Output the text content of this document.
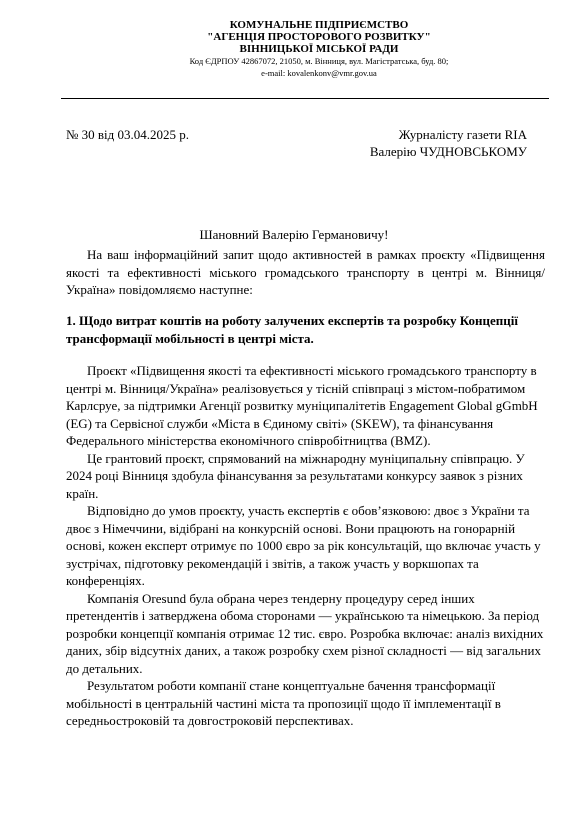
КОМУНАЛЬНЕ ПІДПРИЄМСТВО
"АГЕНЦІЯ ПРОСТОРОВОГО РОЗВИТКУ"
ВІННИЦЬКОЇ МІСЬКОЇ РАДИ
Код ЄДРПОУ 42867072, 21050, м. Вінниця, вул. Магістратська, буд. 80;
e-mail: kovalenkonv@vmr.gov.ua
№ 30 від 03.04.2025 р.	Журналісту газети RIA
Валерію ЧУДНОВСЬКОМУ
Шановний Валерію Германовичу!
На ваш інформаційний запит щодо активностей в рамках проєкту «Підвищення якості та ефективності міського громадського транспорту в центрі м. Вінниця/Україна» повідомляємо наступне:
1. Щодо витрат коштів на роботу залучених експертів та розробку Концепції трансформації мобільності в центрі міста.

Проєкт «Підвищення якості та ефективності міського громадського транспорту в центрі м. Вінниця/Україна» реалізовується у тісній співпраці з містом-побратимом Карлсруе, за підтримки Агенції розвитку муніципалітетів Engagement Global gGmbH (EG) та Сервісної служби «Міста в Єдиному світі» (SKEW), та фінансування Федерального міністерства економічного співробітництва (BMZ).

Це грантовий проєкт, спрямований на міжнародну муніципальну співпрацю. У 2024 році Вінниця здобула фінансування за результатами конкурсу заявок з різних країн.

Відповідно до умов проєкту, участь експертів є обов’язковою: двоє з України та двоє з Німеччини, відібрані на конкурсній основі. Вони працюють на гонорарній основі, кожен експерт отримує по 1000 євро за рік консультацій, що включає участь у зустрічах, підготовку рекомендацій і звітів, а також участь у воркшопах та конференціях.

Компанія Oresund була обрана через тендерну процедуру серед інших претендентів і затверджена обома сторонами — українською та німецькою. За період розробки концепції компанія отримає 12 тис. євро. Розробка включає: аналіз вихідних даних, збір відсутніх даних, а також розробку схем різної складності — від загальних до детальних.

Результатом роботи компанії стане концептуальне бачення трансформації мобільності в центральній частині міста та пропозиції щодо її імплементації в середньостроковій та довгостроковій перспективах.
